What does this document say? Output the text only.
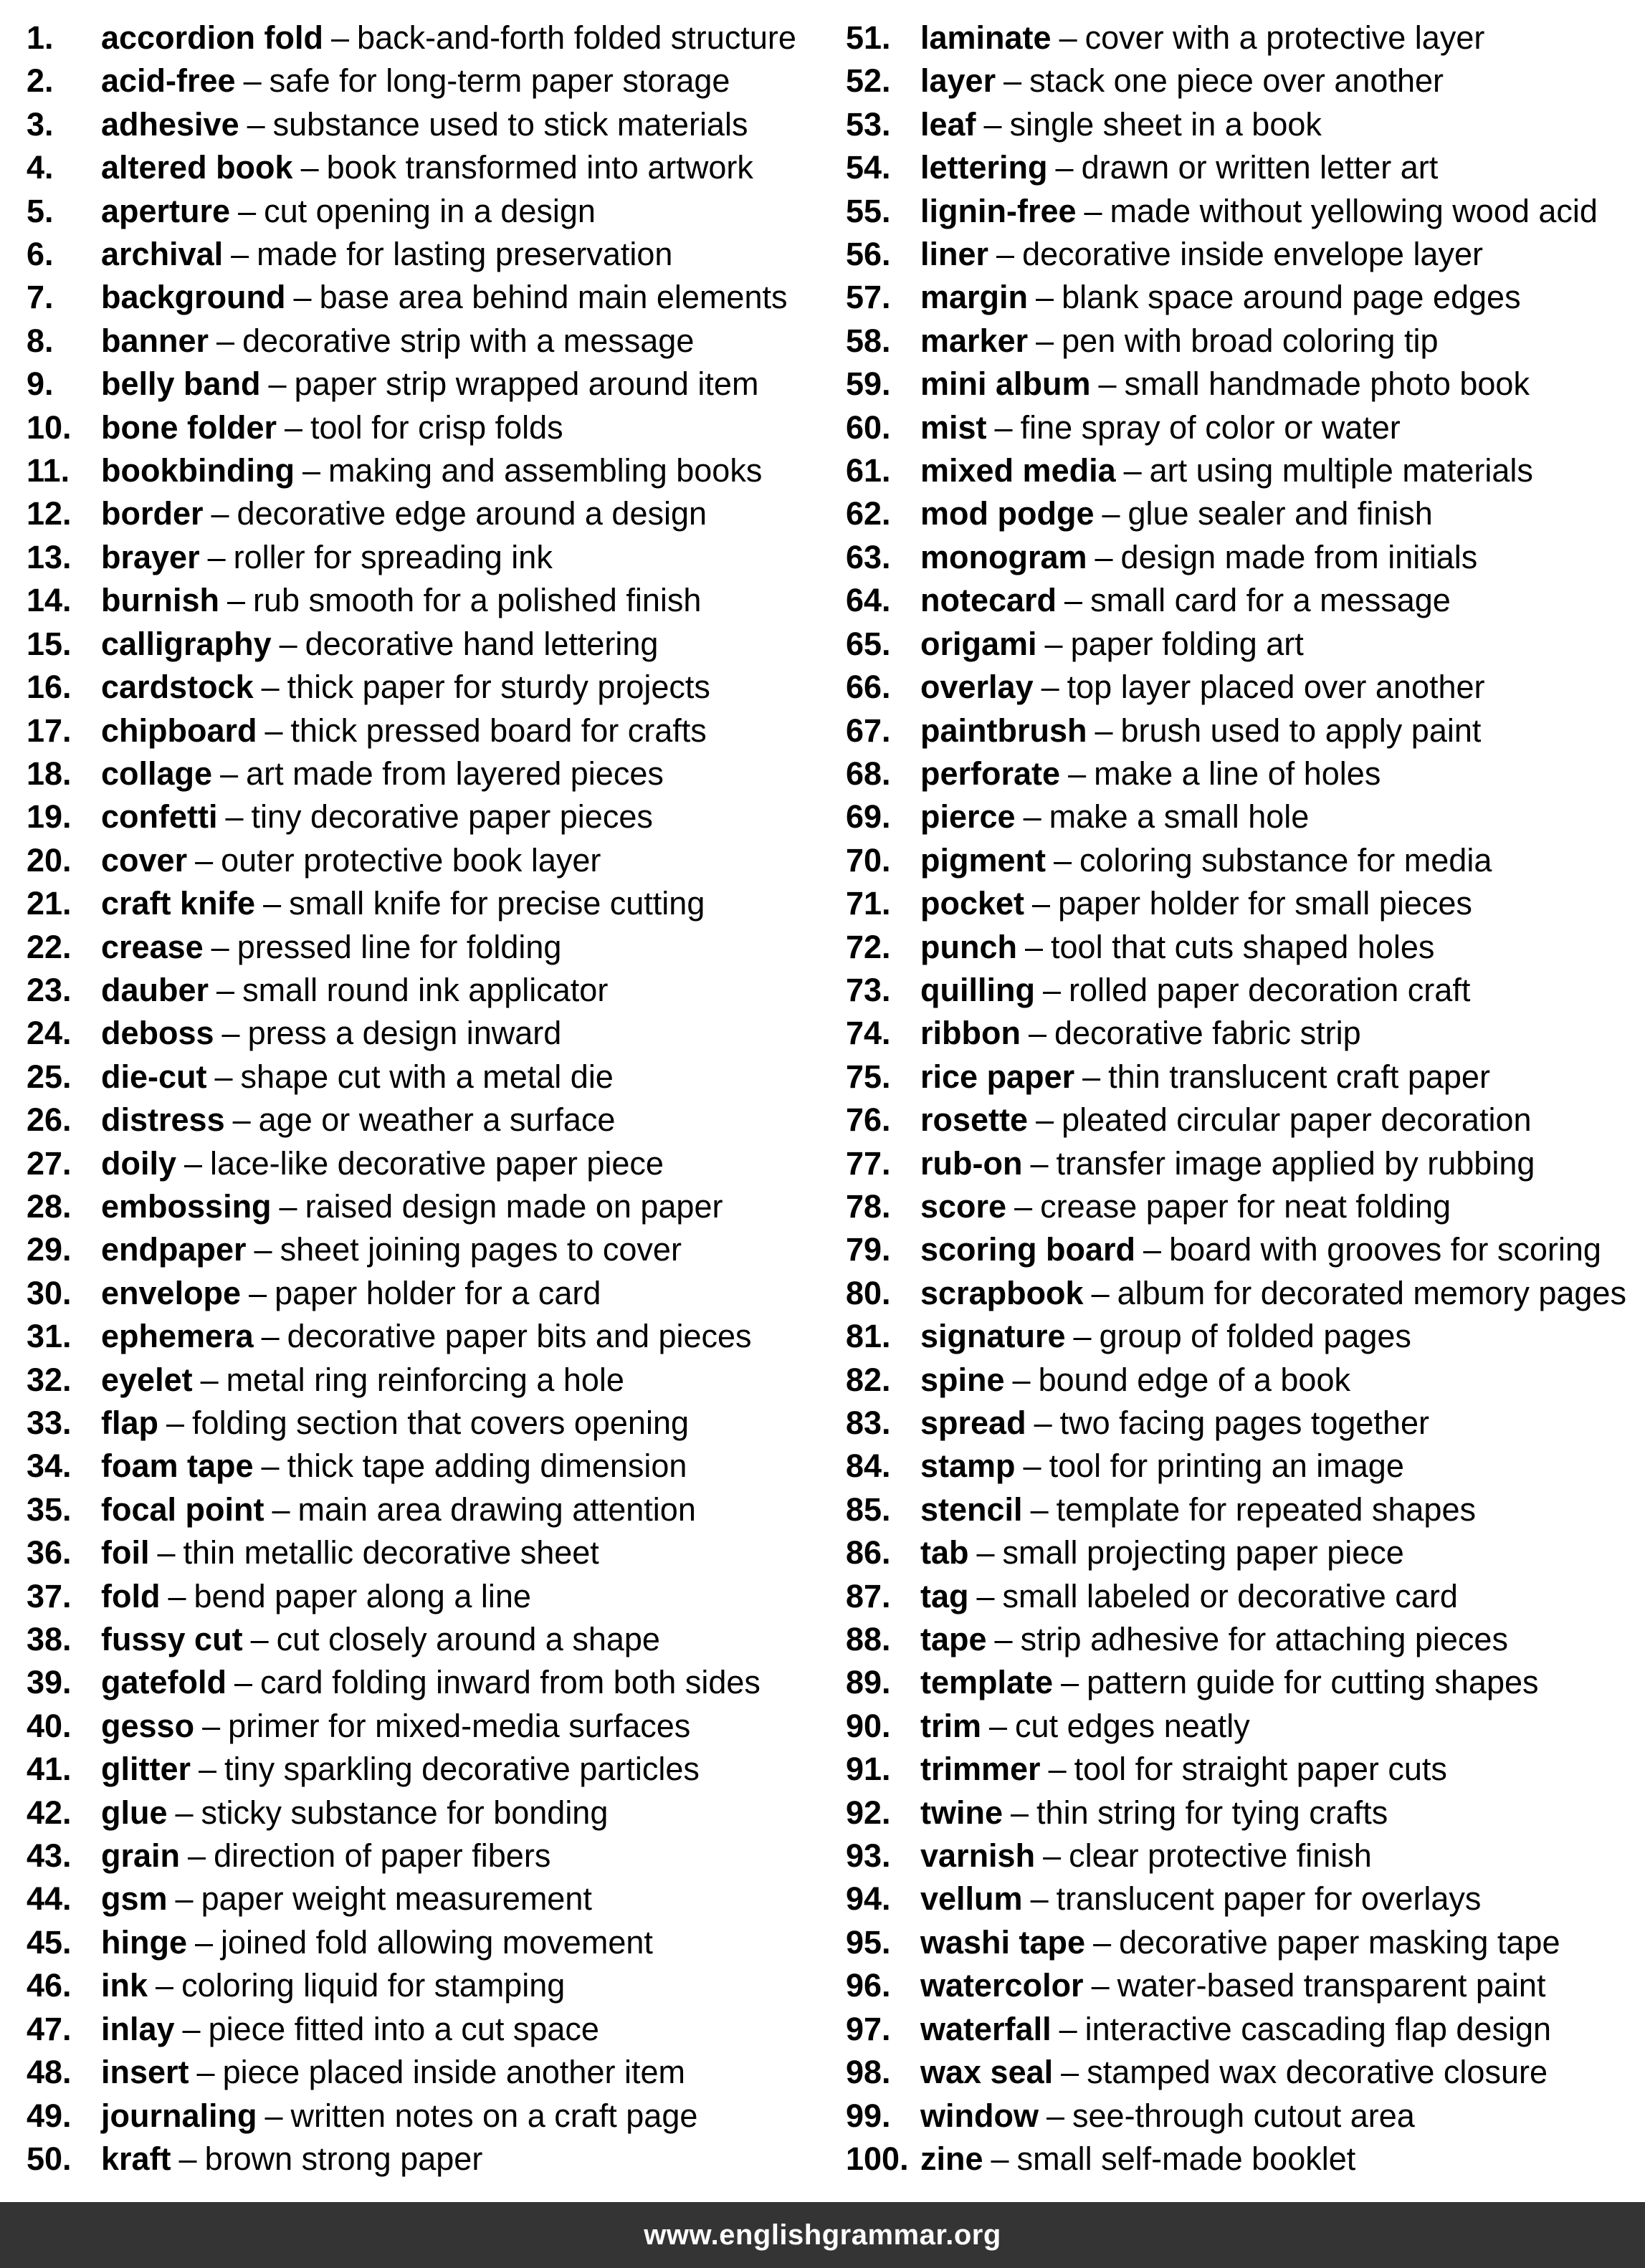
1. accordion fold – back-and-forth folded structure
2. acid-free – safe for long-term paper storage
3. adhesive – substance used to stick materials
4. altered book – book transformed into artwork
5. aperture – cut opening in a design
6. archival – made for lasting preservation
7. background – base area behind main elements
8. banner – decorative strip with a message
9. belly band – paper strip wrapped around item
10. bone folder – tool for crisp folds
11. bookbinding – making and assembling books
12. border – decorative edge around a design
13. brayer – roller for spreading ink
14. burnish – rub smooth for a polished finish
15. calligraphy – decorative hand lettering
16. cardstock – thick paper for sturdy projects
17. chipboard – thick pressed board for crafts
18. collage – art made from layered pieces
19. confetti – tiny decorative paper pieces
20. cover – outer protective book layer
21. craft knife – small knife for precise cutting
22. crease – pressed line for folding
23. dauber – small round ink applicator
24. deboss – press a design inward
25. die-cut – shape cut with a metal die
26. distress – age or weather a surface
27. doily – lace-like decorative paper piece
28. embossing – raised design made on paper
29. endpaper – sheet joining pages to cover
30. envelope – paper holder for a card
31. ephemera – decorative paper bits and pieces
32. eyelet – metal ring reinforcing a hole
33. flap – folding section that covers opening
34. foam tape – thick tape adding dimension
35. focal point – main area drawing attention
36. foil – thin metallic decorative sheet
37. fold – bend paper along a line
38. fussy cut – cut closely around a shape
39. gatefold – card folding inward from both sides
40. gesso – primer for mixed-media surfaces
41. glitter – tiny sparkling decorative particles
42. glue – sticky substance for bonding
43. grain – direction of paper fibers
44. gsm – paper weight measurement
45. hinge – joined fold allowing movement
46. ink – coloring liquid for stamping
47. inlay – piece fitted into a cut space
48. insert – piece placed inside another item
49. journaling – written notes on a craft page
50. kraft – brown strong paper
51. laminate – cover with a protective layer
52. layer – stack one piece over another
53. leaf – single sheet in a book
54. lettering – drawn or written letter art
55. lignin-free – made without yellowing wood acid
56. liner – decorative inside envelope layer
57. margin – blank space around page edges
58. marker – pen with broad coloring tip
59. mini album – small handmade photo book
60. mist – fine spray of color or water
61. mixed media – art using multiple materials
62. mod podge – glue sealer and finish
63. monogram – design made from initials
64. notecard – small card for a message
65. origami – paper folding art
66. overlay – top layer placed over another
67. paintbrush – brush used to apply paint
68. perforate – make a line of holes
69. pierce – make a small hole
70. pigment – coloring substance for media
71. pocket – paper holder for small pieces
72. punch – tool that cuts shaped holes
73. quilling – rolled paper decoration craft
74. ribbon – decorative fabric strip
75. rice paper – thin translucent craft paper
76. rosette – pleated circular paper decoration
77. rub-on – transfer image applied by rubbing
78. score – crease paper for neat folding
79. scoring board – board with grooves for scoring
80. scrapbook – album for decorated memory pages
81. signature – group of folded pages
82. spine – bound edge of a book
83. spread – two facing pages together
84. stamp – tool for printing an image
85. stencil – template for repeated shapes
86. tab – small projecting paper piece
87. tag – small labeled or decorative card
88. tape – strip adhesive for attaching pieces
89. template – pattern guide for cutting shapes
90. trim – cut edges neatly
91. trimmer – tool for straight paper cuts
92. twine – thin string for tying crafts
93. varnish – clear protective finish
94. vellum – translucent paper for overlays
95. washi tape – decorative paper masking tape
96. watercolor – water-based transparent paint
97. waterfall – interactive cascading flap design
98. wax seal – stamped wax decorative closure
99. window – see-through cutout area
100. zine – small self-made booklet
www.englishgrammar.org
